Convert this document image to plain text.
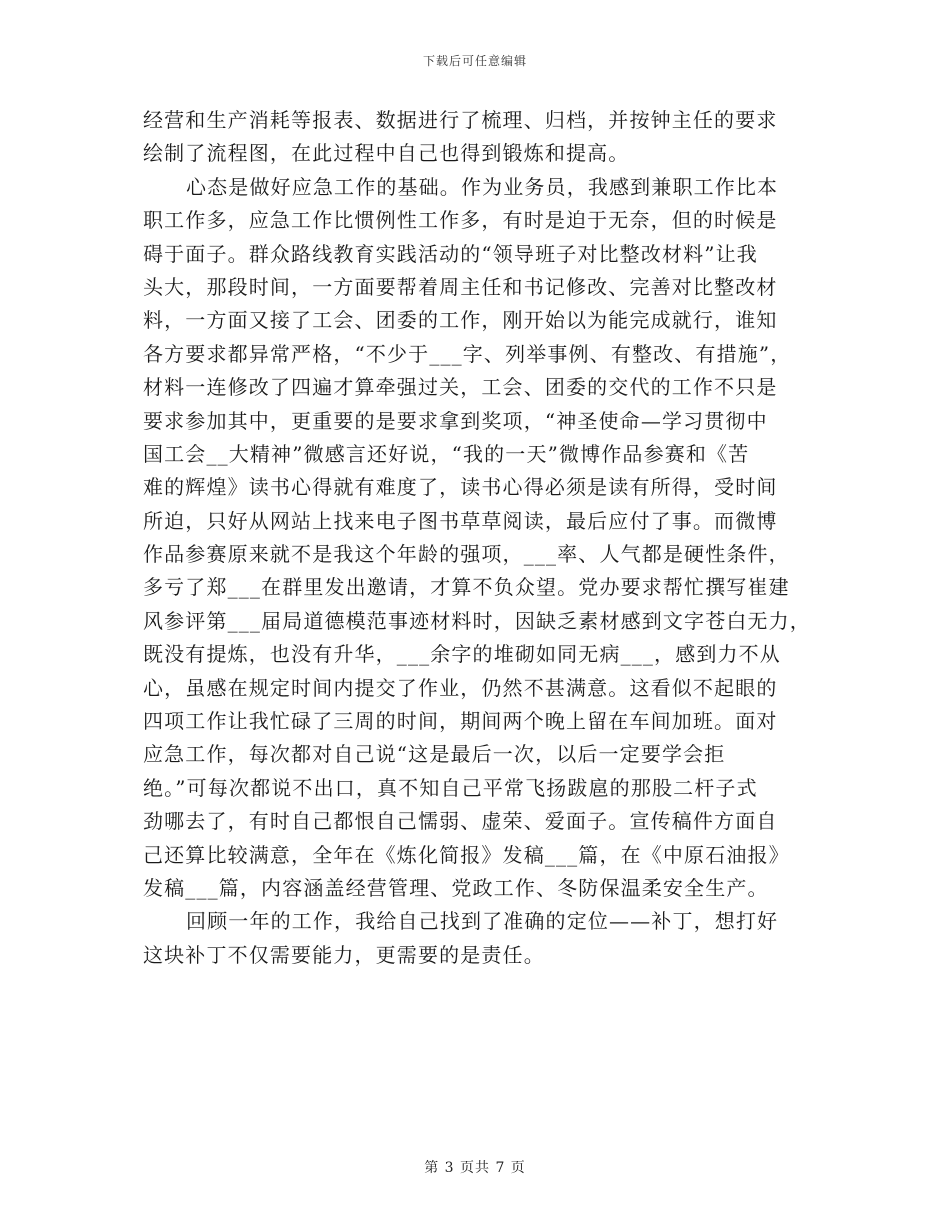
下载后可任意编辑
经营和生产消耗等报表、数据进行了梳理、归档，并按钟主任的要求
绘制了流程图，在此过程中自己也得到锻炼和提高。
心态是做好应急工作的基础。作为业务员，我感到兼职工作比本
职工作多，应急工作比惯例性工作多，有时是迫于无奈，但的时候是
碍于面子。群众路线教育实践活动的“领导班子对比整改材料”让我
头大，那段时间，一方面要帮着周主任和书记修改、完善对比整改材
料，一方面又接了工会、团委的工作，刚开始以为能完成就行，谁知
各方要求都异常严格，“不少于___字、列举事例、有整改、有措施”，
材料一连修改了四遍才算牵强过关，工会、团委的交代的工作不只是
要求参加其中，更重要的是要求拿到奖项，“神圣使命—学习贯彻中
国工会__大精神”微感言还好说，“我的一天”微博作品参赛和《苦
难的辉煌》读书心得就有难度了，读书心得必须是读有所得，受时间
所迫，只好从网站上找来电子图书草草阅读，最后应付了事。而微博
作品参赛原来就不是我这个年龄的强项，___率、人气都是硬性条件，
多亏了郑___在群里发出邀请，才算不负众望。党办要求帮忙撰写崔建
风参评第___届局道德模范事迹材料时，因缺乏素材感到文字苍白无力，
既没有提炼，也没有升华，___余字的堆砌如同无病___，感到力不从
心，虽感在规定时间内提交了作业，仍然不甚满意。这看似不起眼的
四项工作让我忙碌了三周的时间，期间两个晚上留在车间加班。面对
应急工作，每次都对自己说“这是最后一次，以后一定要学会拒
绝。”可每次都说不出口，真不知自己平常飞扬跋扈的那股二杆子式
劲哪去了，有时自己都恨自己懦弱、虚荣、爱面子。宣传稿件方面自
己还算比较满意，全年在《炼化简报》发稿___篇，在《中原石油报》
发稿___篇，内容涵盖经营管理、党政工作、冬防保温柔安全生产。
回顾一年的工作，我给自己找到了准确的定位——补丁，想打好
这块补丁不仅需要能力，更需要的是责任。
第 3 页共 7 页
